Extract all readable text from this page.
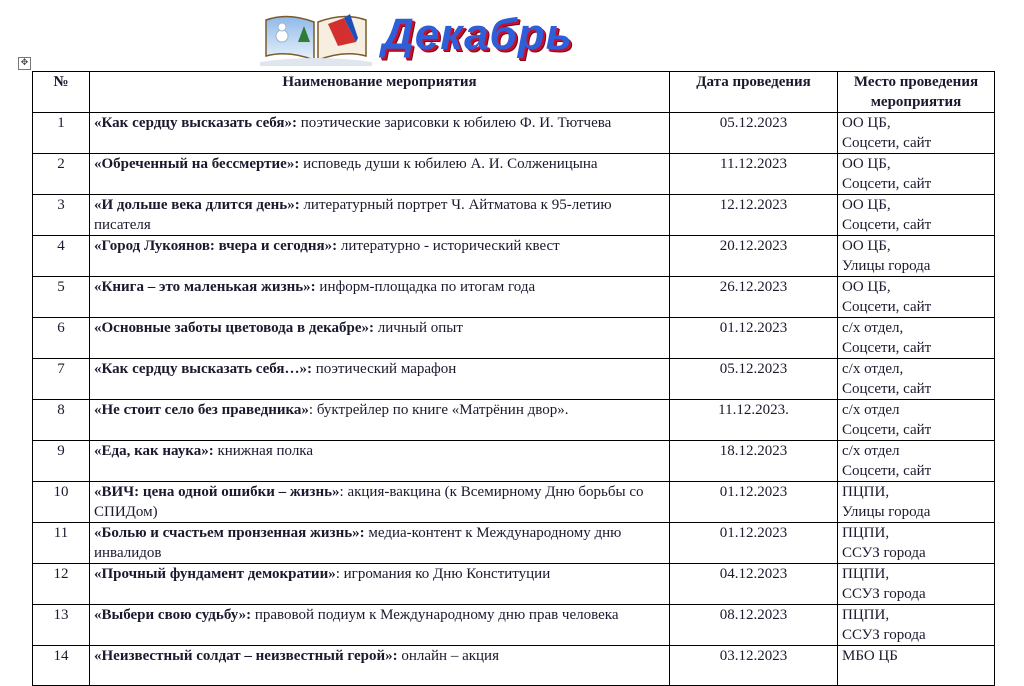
Декабрь
✥
№	Наименование мероприятия	Дата проведения	Место проведения мероприятия
1	«Как сердцу высказать себя»: поэтические зарисовки к юбилею Ф. И. Тютчева	05.12.2023	ОО ЦБ,
Соцсети, сайт

2	«Обреченный на бессмертие»: исповедь души к юбилею А. И. Солженицына	11.12.2023	ОО ЦБ,
Соцсети, сайт

3	«И дольше века длится день»: литературный портрет Ч. Айтматова к 95-летию писателя	12.12.2023	ОО ЦБ,
Соцсети, сайт

4	«Город Лукоянов: вчера и сегодня»: литературно - исторический квест	20.12.2023	ОО ЦБ,
Улицы города

5	«Книга – это маленькая жизнь»: информ-площадка по итогам года	26.12.2023	ОО ЦБ,
Соцсети, сайт

6	«Основные заботы цветовода в декабре»: личный опыт	01.12.2023	с/х отдел,
Соцсети, сайт

7	«Как сердцу высказать себя…»: поэтический марафон	05.12.2023	с/х отдел,
Соцсети, сайт

8	«Не стоит село без праведника»: буктрейлер по книге «Матрёнин двор».	11.12.2023.	с/х отдел
Соцсети, сайт

9	«Еда, как наука»: книжная полка	18.12.2023	с/х отдел
Соцсети, сайт

10	«ВИЧ: цена одной ошибки – жизнь»: акция-вакцина (к Всемирному Дню борьбы со СПИДом)	01.12.2023	ПЦПИ,
Улицы города

11	«Болью и счастьем пронзенная жизнь»: медиа-контент к Международному дню инвалидов	01.12.2023	ПЦПИ,
ССУЗ города

12	«Прочный фундамент демократии»: игромания ко Дню Конституции	04.12.2023	ПЦПИ,
ССУЗ города

13	«Выбери свою судьбу»: правовой подиум к Международному дню прав человека	08.12.2023	ПЦПИ,
ССУЗ города

14	«Неизвестный солдат – неизвестный герой»: онлайн – акция	03.12.2023	МБО ЦБ
